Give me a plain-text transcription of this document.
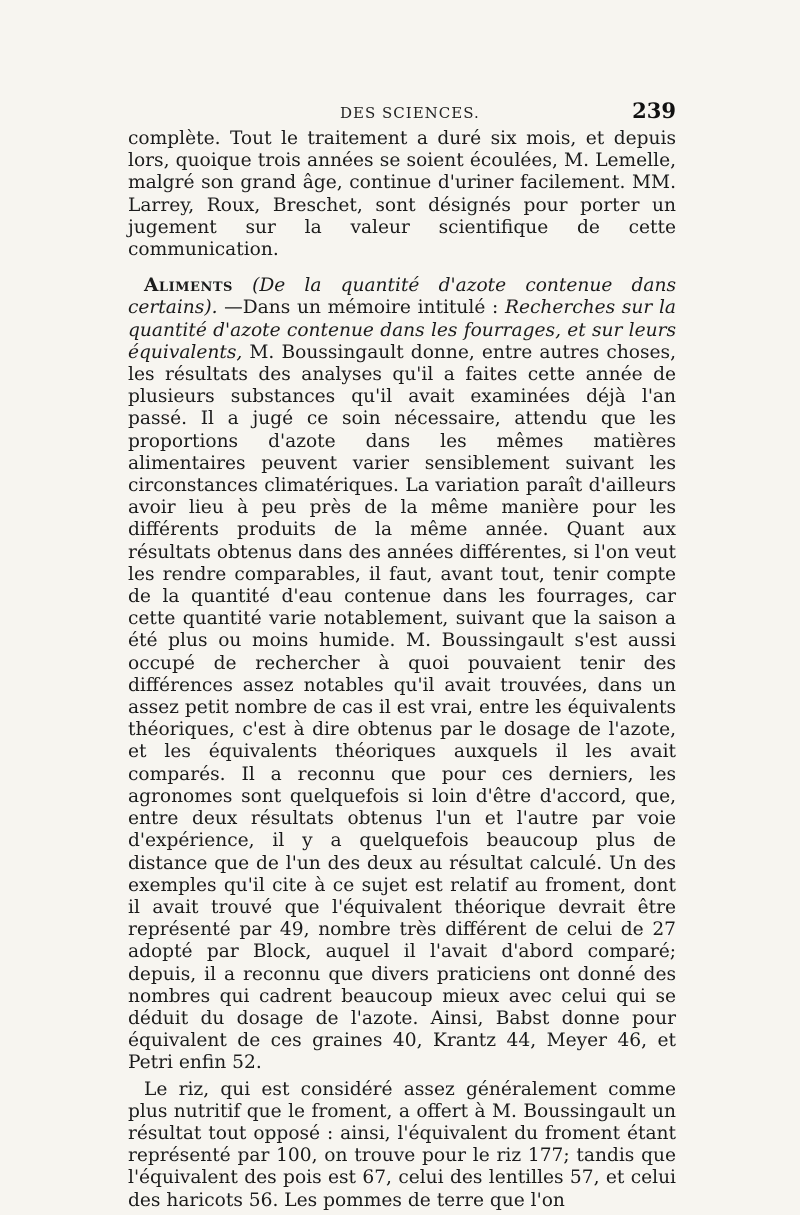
DES SCIENCES.	239

complète. Tout le traitement a duré six mois, et depuis lors, quoique trois années se soient écoulées, M. Lemelle, malgré son grand âge, continue d'uriner facilement. MM. Larrey, Roux, Breschet, sont désignés pour porter un jugement sur la valeur scientifique de cette communication.

Aliments (De la quantité d'azote contenue dans certains). —Dans un mémoire intitulé : Recherches sur la quantité d'azote contenue dans les fourrages, et sur leurs équivalents, M. Boussingault donne, entre autres choses, les résultats des analyses qu'il a faites cette année de plusieurs substances qu'il avait examinées déjà l'an passé. Il a jugé ce soin nécessaire, attendu que les proportions d'azote dans les mêmes matières alimentaires peuvent varier sensiblement suivant les circonstances climatériques. La variation paraît d'ailleurs avoir lieu à peu près de la même manière pour les différents produits de la même année. Quant aux résultats obtenus dans des années différentes, si l'on veut les rendre comparables, il faut, avant tout, tenir compte de la quantité d'eau contenue dans les fourrages, car cette quantité varie notablement, suivant que la saison a été plus ou moins humide. M. Boussingault s'est aussi occupé de rechercher à quoi pouvaient tenir des différences assez notables qu'il avait trouvées, dans un assez petit nombre de cas il est vrai, entre les équivalents théoriques, c'est à dire obtenus par le dosage de l'azote, et les équivalents théoriques auxquels il les avait comparés. Il a reconnu que pour ces derniers, les agronomes sont quelquefois si loin d'être d'accord, que, entre deux résultats obtenus l'un et l'autre par voie d'expérience, il y a quelquefois beaucoup plus de distance que de l'un des deux au résultat calculé. Un des exemples qu'il cite à ce sujet est relatif au froment, dont il avait trouvé que l'équivalent théorique devrait être représenté par 49, nombre très différent de celui de 27 adopté par Block, auquel il l'avait d'abord comparé; depuis, il a reconnu que divers praticiens ont donné des nombres qui cadrent beaucoup mieux avec celui qui se déduit du dosage de l'azote. Ainsi, Babst donne pour équivalent de ces graines 40, Krantz 44, Meyer 46, et Petri enfin 52.

Le riz, qui est considéré assez généralement comme plus nutritif que le froment, a offert à M. Boussingault un résultat tout opposé : ainsi, l'équivalent du froment étant représenté par 100, on trouve pour le riz 177; tandis que l'équivalent des pois est 67, celui des lentilles 57, et celui des haricots 56. Les pommes de terre que l'on
